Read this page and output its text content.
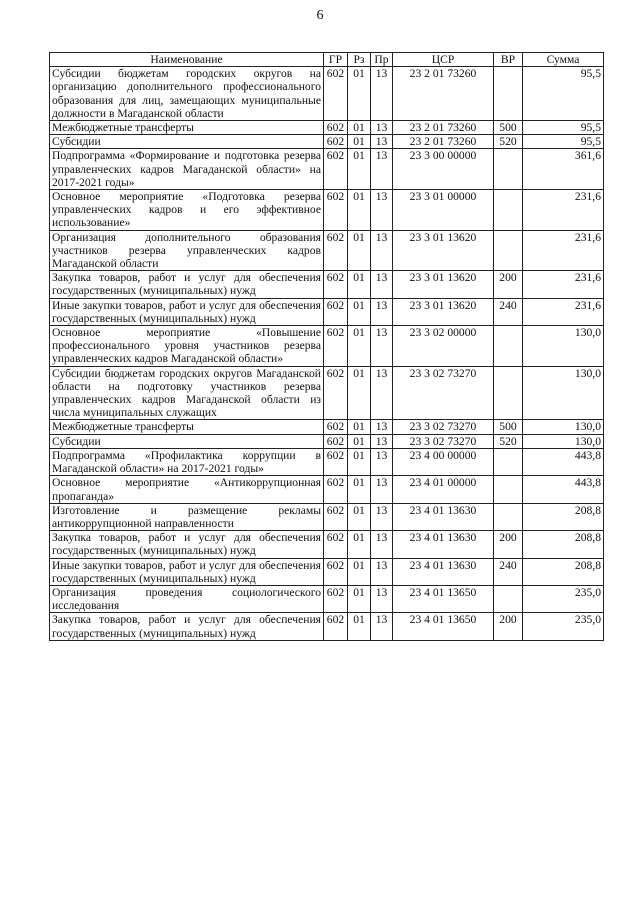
6
Наименование	ГР	Рз	Пр	ЦСР	ВР	Сумма
Субсидии бюджетам городских округов на организацию дополнительного профессионального образования для лиц, замещающих муниципальные должности в Магаданской области	602	01	13	23 2 01 73260		95,5
Межбюджетные трансферты	602	01	13	23 2 01 73260	500	95,5
Субсидии	602	01	13	23 2 01 73260	520	95,5
Подпрограмма «Формирование и подготовка резерва управленческих кадров Магаданской области» на 2017-2021 годы»	602	01	13	23 3 00 00000		361,6
Основное мероприятие «Подготовка резерва управленческих кадров и его эффективное использование»	602	01	13	23 3 01 00000		231,6
Организация дополнительного образования участников резерва управленческих кадров Магаданской области	602	01	13	23 3 01 13620		231,6
Закупка товаров, работ и услуг для обеспечения государственных (муниципальных) нужд	602	01	13	23 3 01 13620	200	231,6
Иные закупки товаров, работ и услуг для обеспечения государственных (муниципальных) нужд	602	01	13	23 3 01 13620	240	231,6
Основное мероприятие «Повышение профессионального уровня участников резерва управленческих кадров Магаданской области»	602	01	13	23 3 02 00000		130,0
Субсидии бюджетам городских округов Магаданской области на подготовку участников резерва управленческих кадров Магаданской области из числа муниципальных служащих	602	01	13	23 3 02 73270		130,0
Межбюджетные трансферты	602	01	13	23 3 02 73270	500	130,0
Субсидии	602	01	13	23 3 02 73270	520	130,0
Подпрограмма «Профилактика коррупции в Магаданской области» на 2017-2021 годы»	602	01	13	23 4 00 00000		443,8
Основное мероприятие «Антикоррупционная пропаганда»	602	01	13	23 4 01 00000		443,8
Изготовление и размещение рекламы антикоррупционной направленности	602	01	13	23 4 01 13630		208,8
Закупка товаров, работ и услуг для обеспечения государственных (муниципальных) нужд	602	01	13	23 4 01 13630	200	208,8
Иные закупки товаров, работ и услуг для обеспечения государственных (муниципальных) нужд	602	01	13	23 4 01 13630	240	208,8
Организация проведения социологического исследования	602	01	13	23 4 01 13650		235,0
Закупка товаров, работ и услуг для обеспечения государственных (муниципальных) нужд	602	01	13	23 4 01 13650	200	235,0
